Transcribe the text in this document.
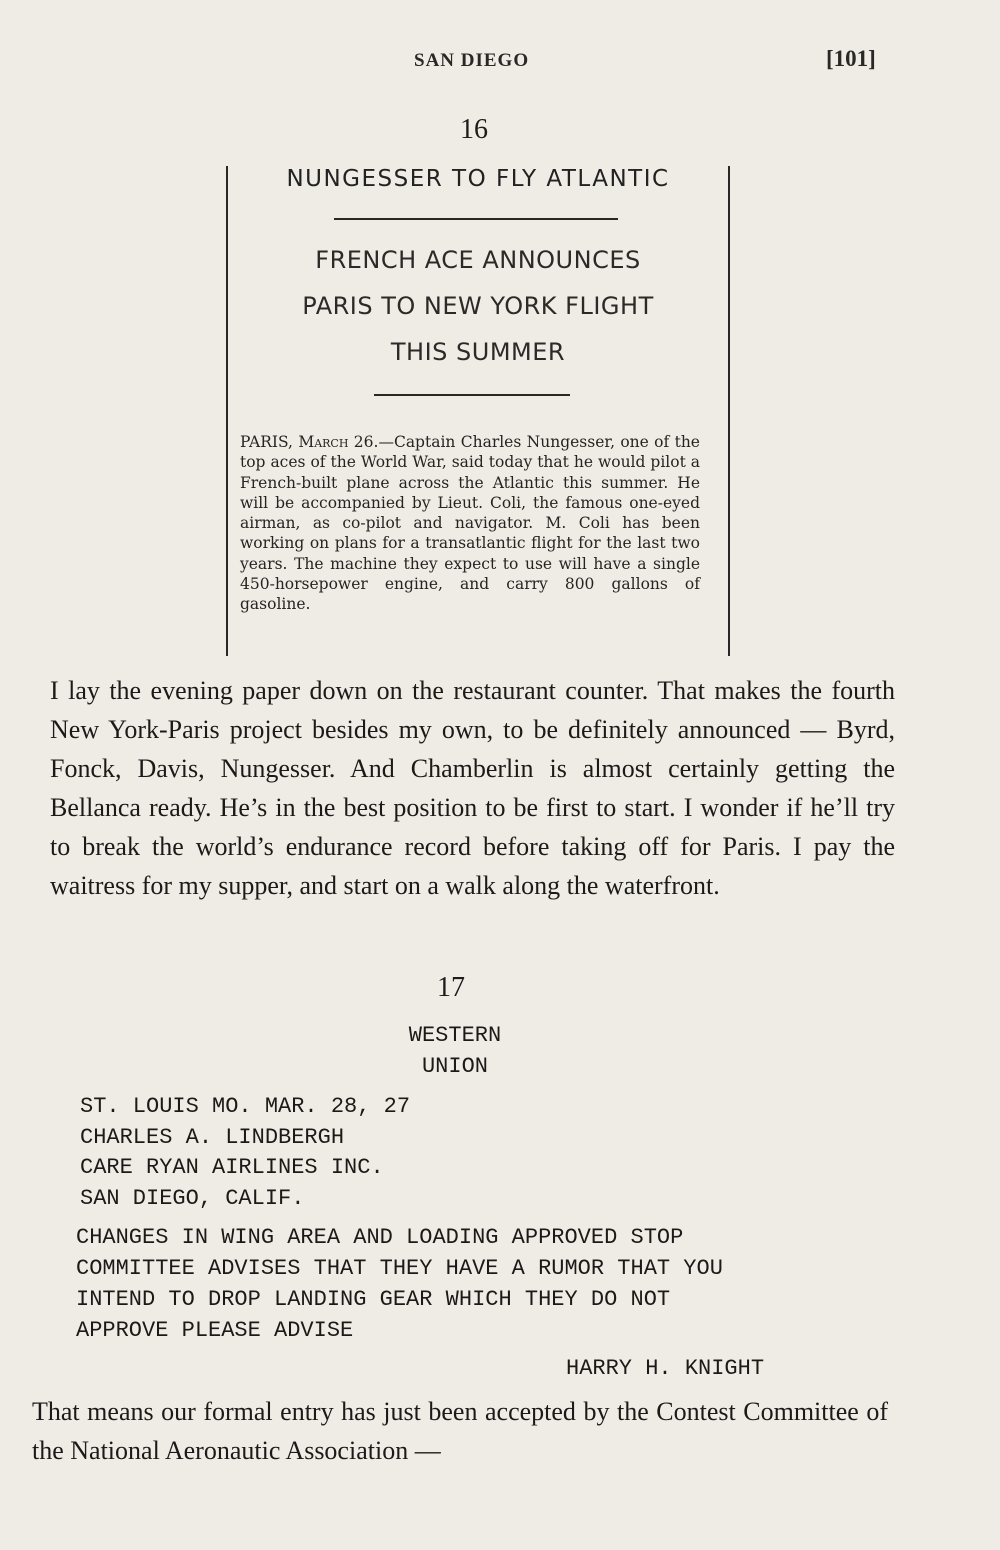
SAN DIEGO	[101]
16
NUNGESSER TO FLY ATLANTIC
FRENCH ACE ANNOUNCES
PARIS TO NEW YORK FLIGHT
THIS SUMMER
PARIS, March 26.—Captain Charles Nungesser, one of the top aces of the World War, said today that he would pilot a French-built plane across the Atlantic this summer. He will be accompanied by Lieut. Coli, the famous one-eyed airman, as co-pilot and navigator. M. Coli has been working on plans for a transatlantic flight for the last two years. The machine they expect to use will have a single 450-horsepower engine, and carry 800 gallons of gasoline.
I lay the evening paper down on the restaurant counter. That makes the fourth New York-Paris project besides my own, to be definitely announced — Byrd, Fonck, Davis, Nungesser. And Chamberlin is almost certainly getting the Bellanca ready. He’s in the best position to be first to start. I wonder if he’ll try to break the world’s endurance record before taking off for Paris. I pay the waitress for my supper, and start on a walk along the waterfront.
17
WESTERN
UNION
ST. LOUIS MO. MAR. 28, 27
CHARLES A. LINDBERGH
CARE RYAN AIRLINES INC.
SAN DIEGO, CALIF.
CHANGES IN WING AREA AND LOADING APPROVED STOP
COMMITTEE ADVISES THAT THEY HAVE A RUMOR THAT YOU
INTEND TO DROP LANDING GEAR WHICH THEY DO NOT
APPROVE PLEASE ADVISE
HARRY H. KNIGHT
That means our formal entry has just been accepted by the Contest Committee of the National Aeronautic Association —
